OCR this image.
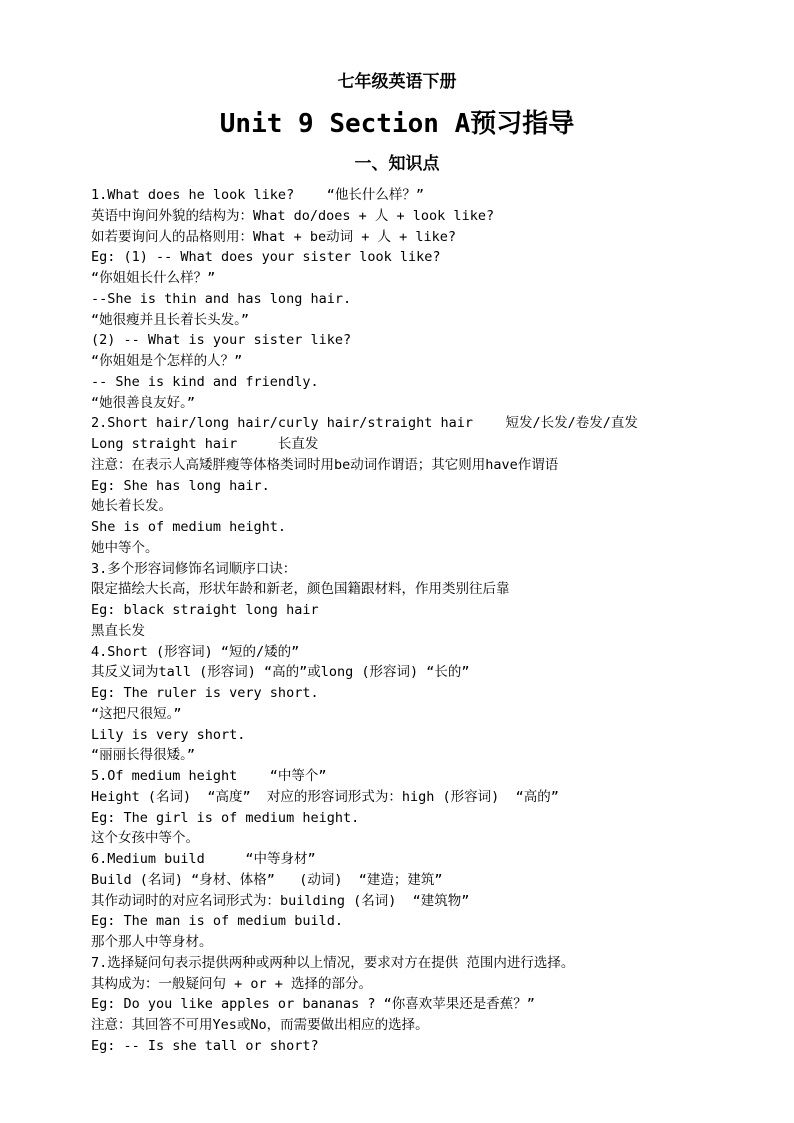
七年级英语下册
Unit 9 Section A预习指导
一、知识点
1.What does he look like?    “他长什么样？”
英语中询问外貌的结构为：What do/does + 人 + look like?
如若要询问人的品格则用：What + be动词 + 人 + like?
Eg: (1) -- What does your sister look like?
“你姐姐长什么样？”
--She is thin and has long hair.
“她很瘦并且长着长头发。”
(2) -- What is your sister like?
“你姐姐是个怎样的人？”
-- She is kind and friendly.
“她很善良友好。”
2.Short hair/long hair/curly hair/straight hair    短发/长发/卷发/直发
Long straight hair     长直发
注意：在表示人高矮胖瘦等体格类词时用be动词作谓语；其它则用have作谓语
Eg: She has long hair.
她长着长发。
She is of medium height.
她中等个。
3.多个形容词修饰名词顺序口诀：
限定描绘大长高，形状年龄和新老，颜色国籍跟材料，作用类别往后靠
Eg: black straight long hair
黑直长发
4.Short (形容词) “短的/矮的”
其反义词为tall (形容词) “高的”或long (形容词) “长的”
Eg: The ruler is very short.
“这把尺很短。”
Lily is very short.
“丽丽长得很矮。”
5.Of medium height    “中等个”
Height (名词)  “高度”  对应的形容词形式为：high (形容词)  “高的”
Eg: The girl is of medium height.
这个女孩中等个。
6.Medium build     “中等身材”
Build (名词) “身材、体格”   (动词)  “建造；建筑”
其作动词时的对应名词形式为：building (名词)  “建筑物”
Eg: The man is of medium build.
那个那人中等身材。
7.选择疑问句表示提供两种或两种以上情况，要求对方在提供 范围内进行选择。
其构成为：一般疑问句 + or + 选择的部分。
Eg: Do you like apples or bananas ? “你喜欢苹果还是香蕉？”
注意：其回答不可用Yes或No，而需要做出相应的选择。
Eg: -- Is she tall or short?
